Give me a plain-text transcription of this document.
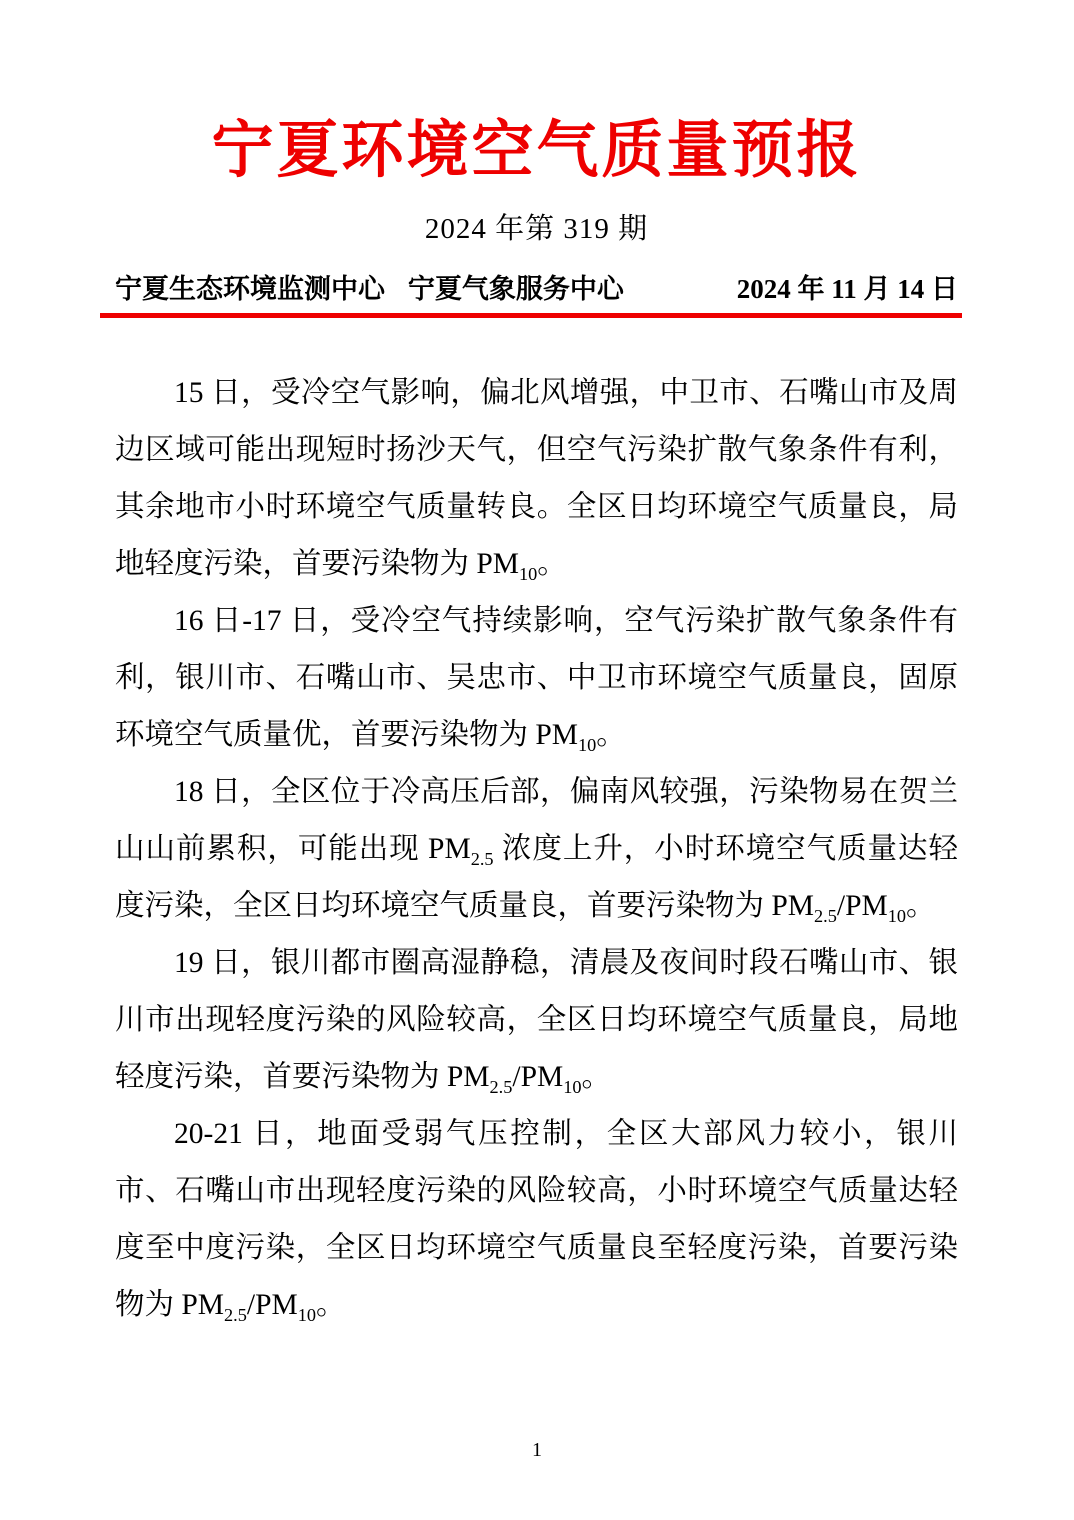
宁夏环境空气质量预报
2024 年第 319 期
宁夏生态环境监测中心 宁夏气象服务中心	2024 年 11 月 14 日

15 日，受冷空气影响，偏北风增强，中卫市、石嘴山市及周边区域可能出现短时扬沙天气，但空气污染扩散气象条件有利，其余地市小时环境空气质量转良。全区日均环境空气质量良，局地轻度污染，首要污染物为 $PM_{10}$。

16 日-17 日，受冷空气持续影响，空气污染扩散气象条件有利，银川市、石嘴山市、吴忠市、中卫市环境空气质量良，固原环境空气质量优，首要污染物为 $PM_{10}$。

18 日，全区位于冷高压后部，偏南风较强，污染物易在贺兰山山前累积，可能出现 $PM_{2.5}$ 浓度上升，小时环境空气质量达轻度污染，全区日均环境空气质量良，首要污染物为 $PM_{2.5}/PM_{10}$。

19 日，银川都市圈高湿静稳，清晨及夜间时段石嘴山市、银川市出现轻度污染的风险较高，全区日均环境空气质量良，局地轻度污染，首要污染物为 $PM_{2.5}/PM_{10}$。

20-21 日，地面受弱气压控制，全区大部风力较小，银川市、石嘴山市出现轻度污染的风险较高，小时环境空气质量达轻度至中度污染，全区日均环境空气质量良至轻度污染，首要污染物为 $PM_{2.5}/PM_{10}$。

1
